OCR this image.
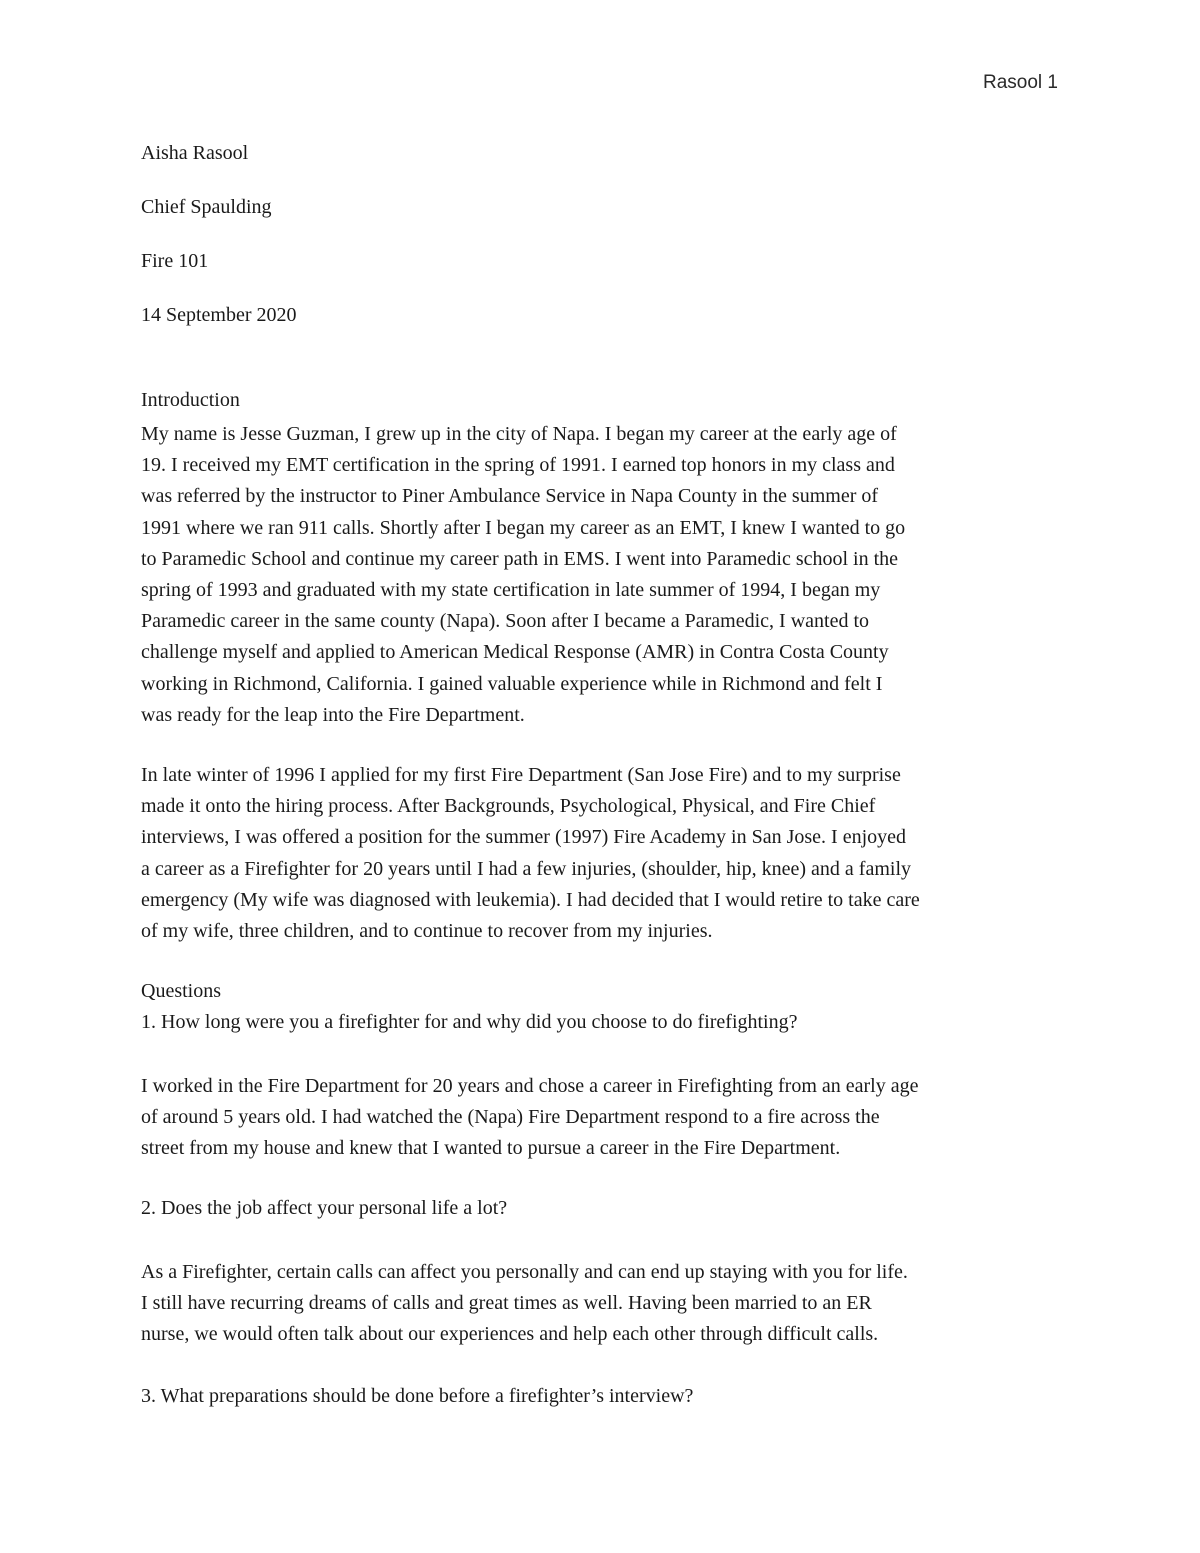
Rasool 1
Aisha Rasool
Chief Spaulding
Fire 101
14 September 2020
Introduction
My name is Jesse Guzman, I grew up in the city of Napa. I began my career at the early age of
19. I received my EMT certification in the spring of 1991. I earned top honors in my class and
was referred by the instructor to Piner Ambulance Service in Napa County in the summer of
1991 where we ran 911 calls. Shortly after I began my career as an EMT, I knew I wanted to go
to Paramedic School and continue my career path in EMS. I went into Paramedic school in the
spring of 1993 and graduated with my state certification in late summer of 1994, I began my
Paramedic career in the same county (Napa). Soon after I became a Paramedic, I wanted to
challenge myself and applied to American Medical Response (AMR) in Contra Costa County
working in Richmond, California. I gained valuable experience while in Richmond and felt I
was ready for the leap into the Fire Department.
In late winter of 1996 I applied for my first Fire Department (San Jose Fire) and to my surprise
made it onto the hiring process. After Backgrounds, Psychological, Physical, and Fire Chief
interviews, I was offered a position for the summer (1997) Fire Academy in San Jose. I enjoyed
a career as a Firefighter for 20 years until I had a few injuries, (shoulder, hip, knee) and a family
emergency (My wife was diagnosed with leukemia). I had decided that I would retire to take care
of my wife, three children, and to continue to recover from my injuries.
Questions
1. How long were you a firefighter for and why did you choose to do firefighting?
I worked in the Fire Department for 20 years and chose a career in Firefighting from an early age
of around 5 years old. I had watched the (Napa) Fire Department respond to a fire across the
street from my house and knew that I wanted to pursue a career in the Fire Department.
2. Does the job affect your personal life a lot?
As a Firefighter, certain calls can affect you personally and can end up staying with you for life.
I still have recurring dreams of calls and great times as well. Having been married to an ER
nurse, we would often talk about our experiences and help each other through difficult calls.
3. What preparations should be done before a firefighter’s interview?
